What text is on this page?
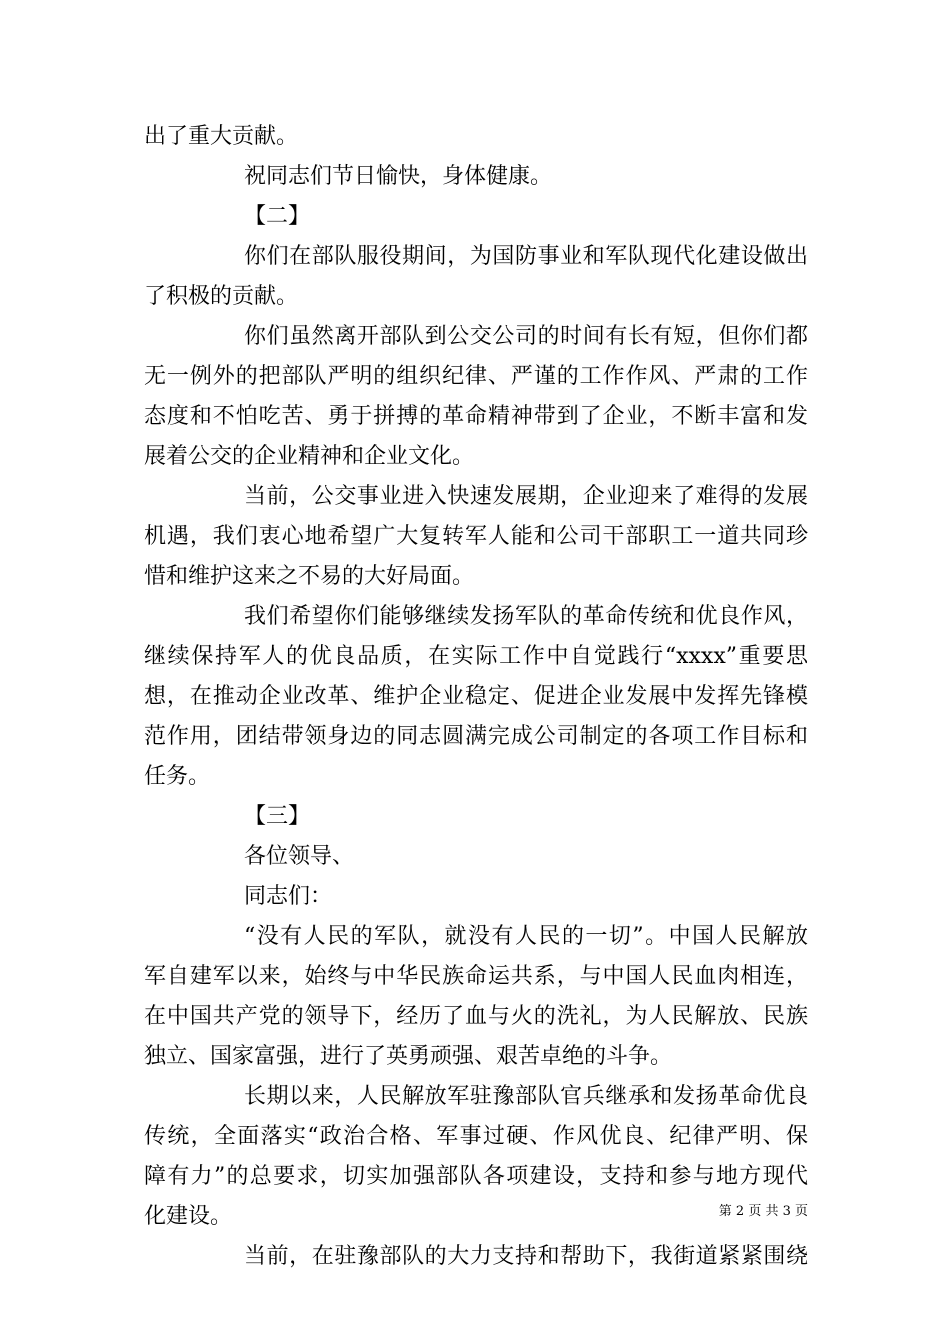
出了重大贡献。
祝同志们节日愉快，身体健康。
【二】
你们在部队服役期间，为国防事业和军队现代化建设做出
了积极的贡献。
你们虽然离开部队到公交公司的时间有长有短，但你们都
无一例外的把部队严明的组织纪律、严谨的工作作风、严肃的工作
态度和不怕吃苦、勇于拼搏的革命精神带到了企业，不断丰富和发
展着公交的企业精神和企业文化。
当前，公交事业进入快速发展期，企业迎来了难得的发展
机遇，我们衷心地希望广大复转军人能和公司干部职工一道共同珍
惜和维护这来之不易的大好局面。
我们希望你们能够继续发扬军队的革命传统和优良作风，
继续保持军人的优良品质，在实际工作中自觉践行“xxxx”重要思
想，在推动企业改革、维护企业稳定、促进企业发展中发挥先锋模
范作用，团结带领身边的同志圆满完成公司制定的各项工作目标和
任务。
【三】
各位领导、
同志们：
“没有人民的军队，就没有人民的一切”。中国人民解放
军自建军以来，始终与中华民族命运共系，与中国人民血肉相连，
在中国共产党的领导下，经历了血与火的洗礼，为人民解放、民族
独立、国家富强，进行了英勇顽强、艰苦卓绝的斗争。
长期以来，人民解放军驻豫部队官兵继承和发扬革命优良
传统，全面落实“政治合格、军事过硬、作风优良、纪律严明、保
障有力”的总要求，切实加强部队各项建设，支持和参与地方现代
化建设。
当前，在驻豫部队的大力支持和帮助下，我街道紧紧围绕
第 2 页 共 3 页
